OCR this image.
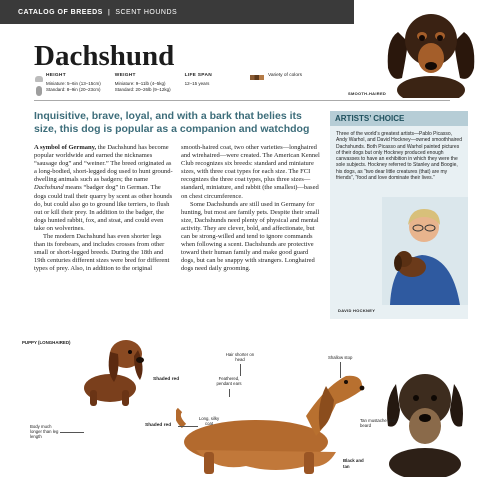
CATALOG OF BREEDS | SCENT HOUNDS
SMOOTH-HAIRED
Dachshund
HEIGHT
Miniature: 5–6in (13–15cm)
Standard: 8–9in (20–23cm)
WEIGHT
Miniature: 9–11lb (4–5kg)
Standard: 20–26lb (9–12kg)
LIFE SPAN
12–15 years
Variety of colors
Inquisitive, brave, loyal, and with a bark that belies its size, this dog is popular as a companion and watchdog

A symbol of Germany, the Dachshund has become popular worldwide and earned the nicknames “sausage dog” and “weiner.” The breed originated as a long-bodied, short-legged dog used to hunt ground-dwelling animals such as badgers; the name Dachshund means “badger dog” in German. The dogs could trail their quarry by scent as other hounds do, but could also go to ground like terriers, to flush out or kill their prey. In addition to the badger, the dogs hunted rabbit, fox, and stoat, and could even take on wolverines.

The modern Dachshund has even shorter legs than its forebears, and includes crosses from other small or short-legged breeds. During the 18th and 19th centuries different sizes were bred for different types of prey. Also, in addition to the original

smooth-haired coat, two other varieties—longhaired and wirehaired—were created. The American Kennel Club recognizes six breeds: standard and miniature sizes, with three coat types for each size. The FCI recognizes the three coat types, plus three sizes—standard, miniature, and rabbit (the smallest)—based on chest circumference.

Some Dachshunds are still used in Germany for hunting, but most are family pets. Despite their small size, Dachshunds need plenty of physical and mental activity. They are clever, bold, and affectionate, but can be strong-willed and tend to ignore commands when following a scent. Dachshunds are protective toward their human family and make good guard dogs, but can be snappy with strangers. Longhaired dogs need daily grooming.

ARTISTS’ CHOICE
Three of the world’s greatest artists—Pablo Picasso, Andy Warhol, and David Hockney—owned smoothhaired Dachshunds. Both Picasso and Warhol painted pictures of their dogs but only Hockney produced enough canvasses to have an exhibition in which they were the sole subjects. Hockney referred to Stanley and Boogie, his dogs, as “two dear little creatures (that) are my friends”, “food and love dominate their lives.”
DAVID HOCKNEY
PUPPY (LONGHAIRED)
Shaded red
Shaded red
Hair shorter on head
Feathered, pendant ears
Long, silky coat
Shallow stop
Body much longer than leg length
Tan mustache and beard
Black and tan
